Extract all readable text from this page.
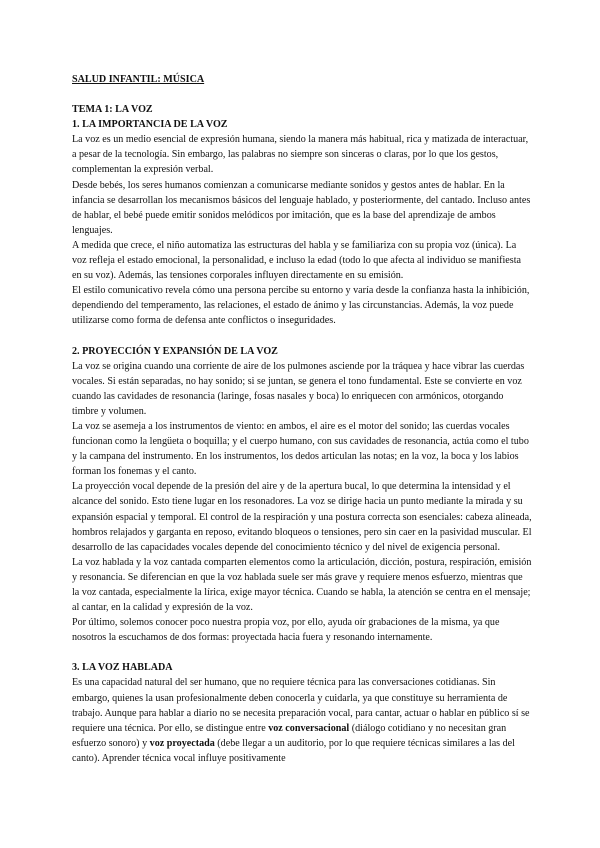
SALUD INFANTIL: MÚSICA

TEMA 1: LA VOZ

1. LA IMPORTANCIA DE LA VOZ

La voz es un medio esencial de expresión humana, siendo la manera más habitual, rica y matizada de interactuar, a pesar de la tecnología. Sin embargo, las palabras no siempre son sinceras o claras, por lo que los gestos, complementan la expresión verbal.

Desde bebés, los seres humanos comienzan a comunicarse mediante sonidos y gestos antes de hablar. En la infancia se desarrollan los mecanismos básicos del lenguaje hablado, y posteriormente, del cantado. Incluso antes de hablar, el bebé puede emitir sonidos melódicos por imitación, que es la base del aprendizaje de ambos lenguajes.

A medida que crece, el niño automatiza las estructuras del habla y se familiariza con su propia voz (única). La voz refleja el estado emocional, la personalidad, e incluso la edad (todo lo que afecta al individuo se manifiesta en su voz). Además, las tensiones corporales influyen directamente en su emisión.

El estilo comunicativo revela cómo una persona percibe su entorno y varía desde la confianza hasta la inhibición, dependiendo del temperamento, las relaciones, el estado de ánimo y las circunstancias. Además, la voz puede utilizarse como forma de defensa ante conflictos o inseguridades.

2. PROYECCIÓN Y EXPANSIÓN DE LA VOZ

La voz se origina cuando una corriente de aire de los pulmones asciende por la tráquea y hace vibrar las cuerdas vocales. Si están separadas, no hay sonido; si se juntan, se genera el tono fundamental. Este se convierte en voz cuando las cavidades de resonancia (laringe, fosas nasales y boca) lo enriquecen con armónicos, otorgando timbre y volumen.

La voz se asemeja a los instrumentos de viento: en ambos, el aire es el motor del sonido; las cuerdas vocales funcionan como la lengüeta o boquilla; y el cuerpo humano, con sus cavidades de resonancia, actúa como el tubo y la campana del instrumento. En los instrumentos, los dedos articulan las notas; en la voz, la boca y los labios forman los fonemas y el canto.

La proyección vocal depende de la presión del aire y de la apertura bucal, lo que determina la intensidad y el alcance del sonido. Esto tiene lugar en los resonadores. La voz se dirige hacia un punto mediante la mirada y su expansión espacial y temporal. El control de la respiración y una postura correcta son esenciales: cabeza alineada, hombros relajados y garganta en reposo, evitando bloqueos o tensiones, pero sin caer en la pasividad muscular. El desarrollo de las capacidades vocales depende del conocimiento técnico y del nivel de exigencia personal.

La voz hablada y la voz cantada comparten elementos como la articulación, dicción, postura, respiración, emisión y resonancia. Se diferencian en que la voz hablada suele ser más grave y requiere menos esfuerzo, mientras que la voz cantada, especialmente la lírica, exige mayor técnica. Cuando se habla, la atención se centra en el mensaje; al cantar, en la calidad y expresión de la voz.

Por último, solemos conocer poco nuestra propia voz, por ello, ayuda oír grabaciones de la misma, ya que nosotros la escuchamos de dos formas: proyectada hacia fuera y resonando internamente.

3. LA VOZ HABLADA

Es una capacidad natural del ser humano, que no requiere técnica para las conversaciones cotidianas. Sin embargo, quienes la usan profesionalmente deben conocerla y cuidarla, ya que constituye su herramienta de trabajo. Aunque para hablar a diario no se necesita preparación vocal, para cantar, actuar o hablar en público sí se requiere una técnica. Por ello, se distingue entre voz conversacional (diálogo cotidiano y no necesitan gran esfuerzo sonoro) y voz proyectada (debe llegar a un auditorio, por lo que requiere técnicas similares a las del canto). Aprender técnica vocal influye positivamente
